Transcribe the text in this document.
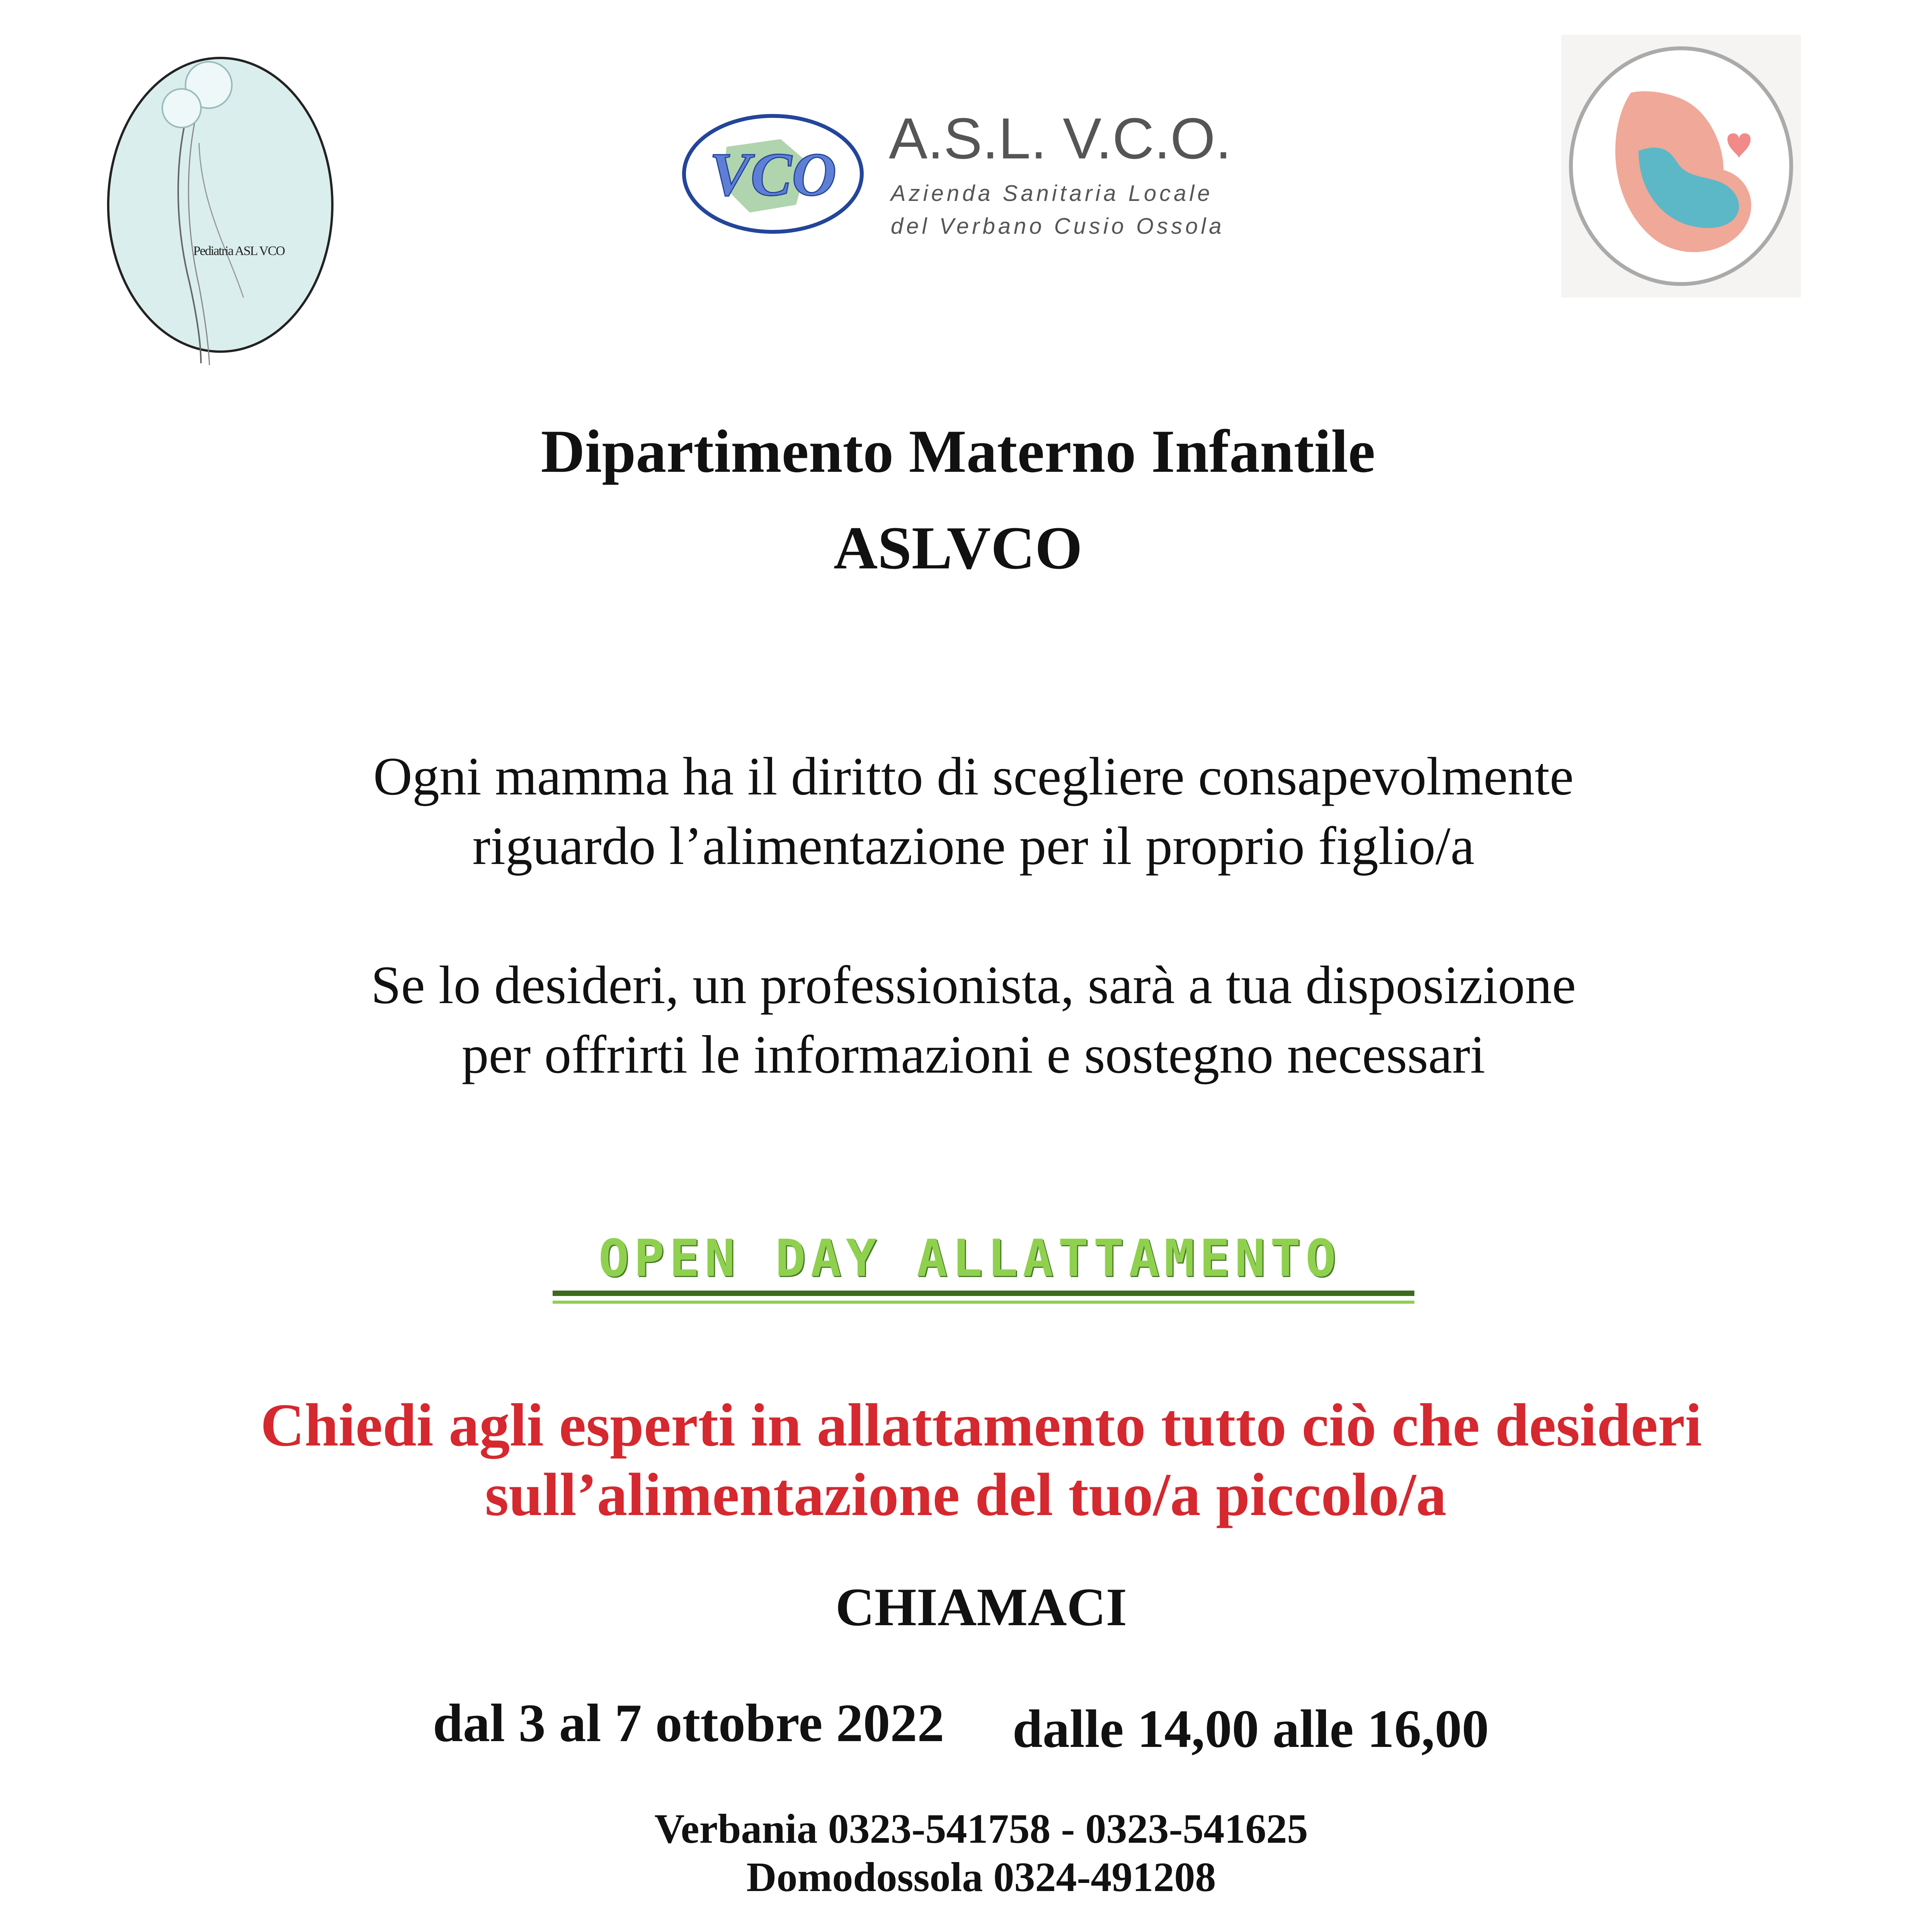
Pediatria ASL VCO
VCO
A.S.L. V.C.O.
Azienda Sanitaria Locale
del Verbano Cusio Ossola
Dipartimento Materno Infantile
ASLVCO
Ogni mamma ha il diritto di scegliere consapevolmente
riguardo l’alimentazione per il proprio figlio/a
Se lo desideri, un professionista, sarà a tua disposizione
per offrirti le informazioni e sostegno necessari
OPEN DAY ALLATTAMENTO
Chiedi agli esperti in allattamento tutto ciò che desideri
sull’alimentazione del tuo/a piccolo/a
CHIAMACI
dal 3 al 7 ottobre 2022 dalle 14,00 alle 16,00
Verbania 0323-541758 - 0323-541625
Domodossola 0324-491208
